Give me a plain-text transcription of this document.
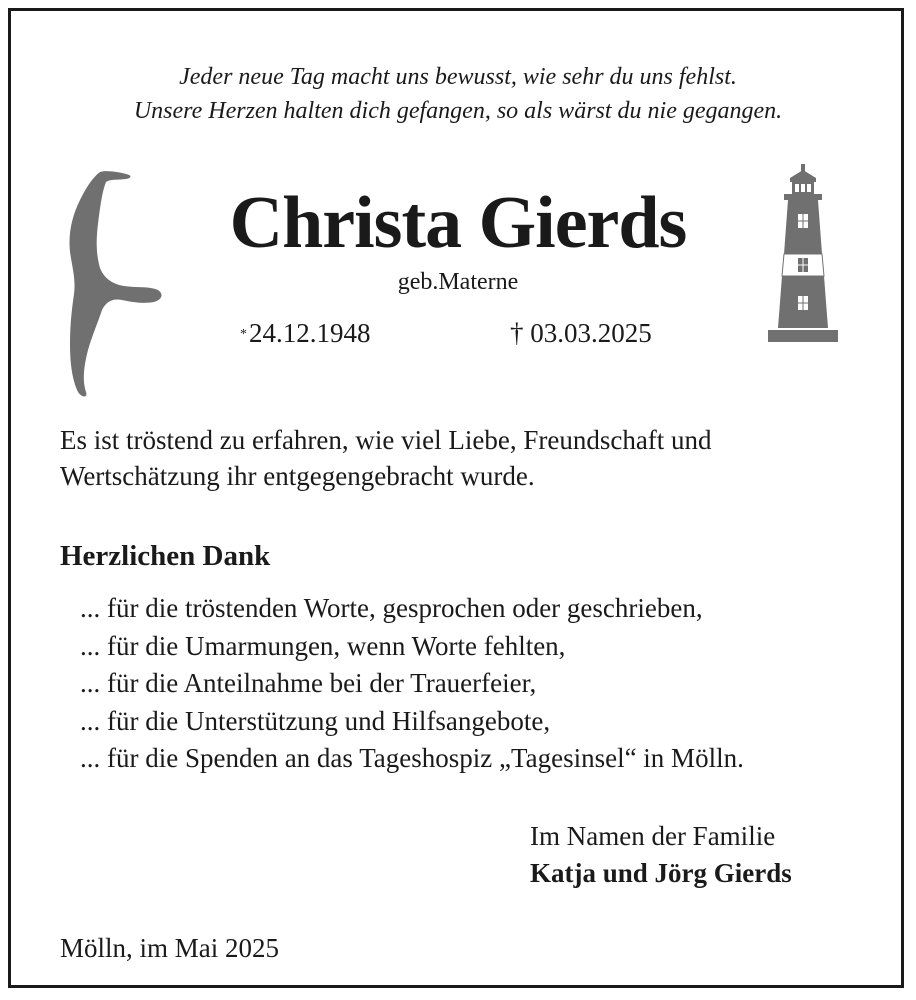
Jeder neue Tag macht uns bewusst, wie sehr du uns fehlst.
Unsere Herzen halten dich gefangen, so als wärst du nie gegangen.
Christa Gierds
geb.Materne
*24.12.1948	† 03.03.2025
Es ist tröstend zu erfahren, wie viel Liebe, Freundschaft und
Wertschätzung ihr entgegengebracht wurde.
Herzlichen Dank
... für die tröstenden Worte, gesprochen oder geschrieben,
... für die Umarmungen, wenn Worte fehlten,
... für die Anteilnahme bei der Trauerfeier,
... für die Unterstützung und Hilfsangebote,
... für die Spenden an das Tageshospiz „Tagesinsel“ in Mölln.
Im Namen der Familie
Katja und Jörg Gierds
Mölln, im Mai 2025
